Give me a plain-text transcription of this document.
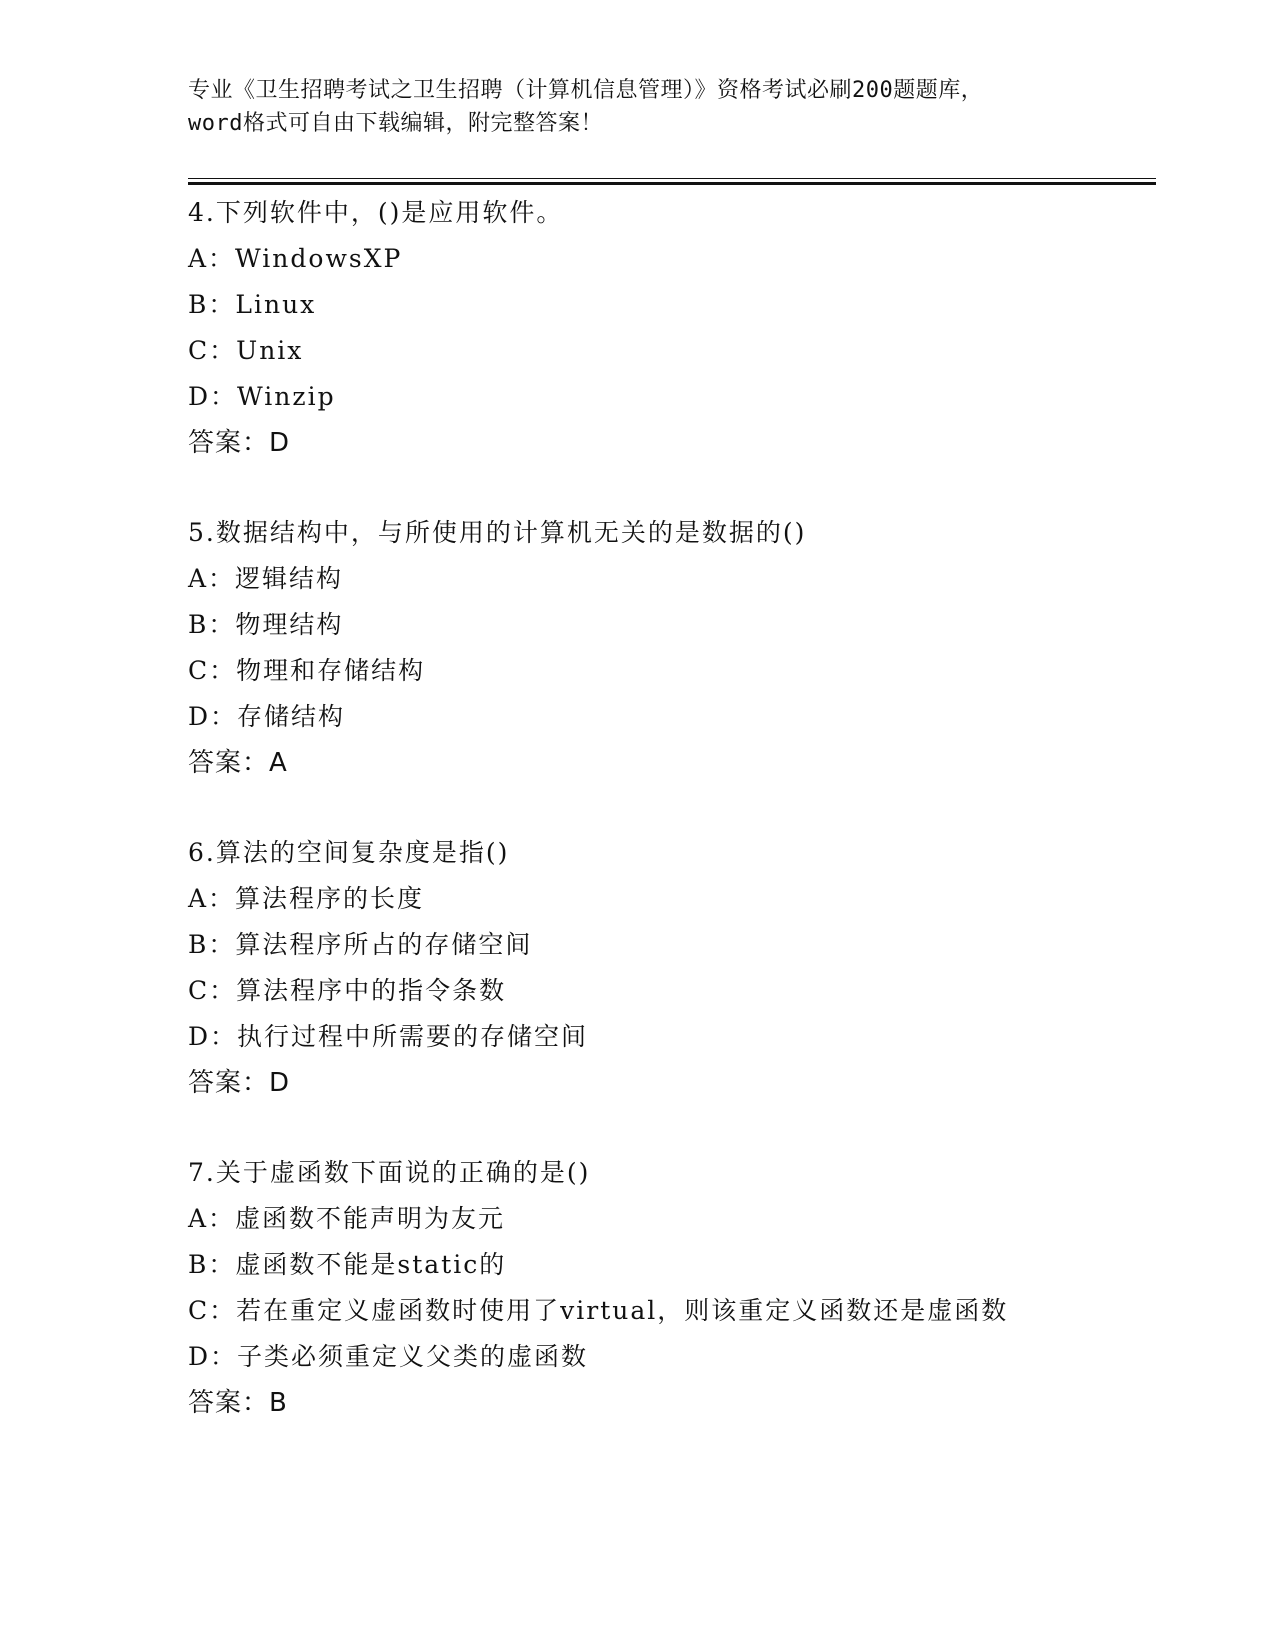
专业《卫生招聘考试之卫生招聘（计算机信息管理）》资格考试必刷200题题库，
word格式可自由下载编辑，附完整答案！
4.下列软件中，()是应用软件。
A：WindowsXP
B：Linux
C：Unix
D：Winzip
答案：D
5.数据结构中，与所使用的计算机无关的是数据的()
A：逻辑结构
B：物理结构
C：物理和存储结构
D：存储结构
答案：A
6.算法的空间复杂度是指()
A：算法程序的长度
B：算法程序所占的存储空间
C：算法程序中的指令条数
D：执行过程中所需要的存储空间
答案：D
7.关于虚函数下面说的正确的是()
A：虚函数不能声明为友元
B：虚函数不能是static的
C：若在重定义虚函数时使用了virtual，则该重定义函数还是虚函数
D：子类必须重定义父类的虚函数
答案：B
